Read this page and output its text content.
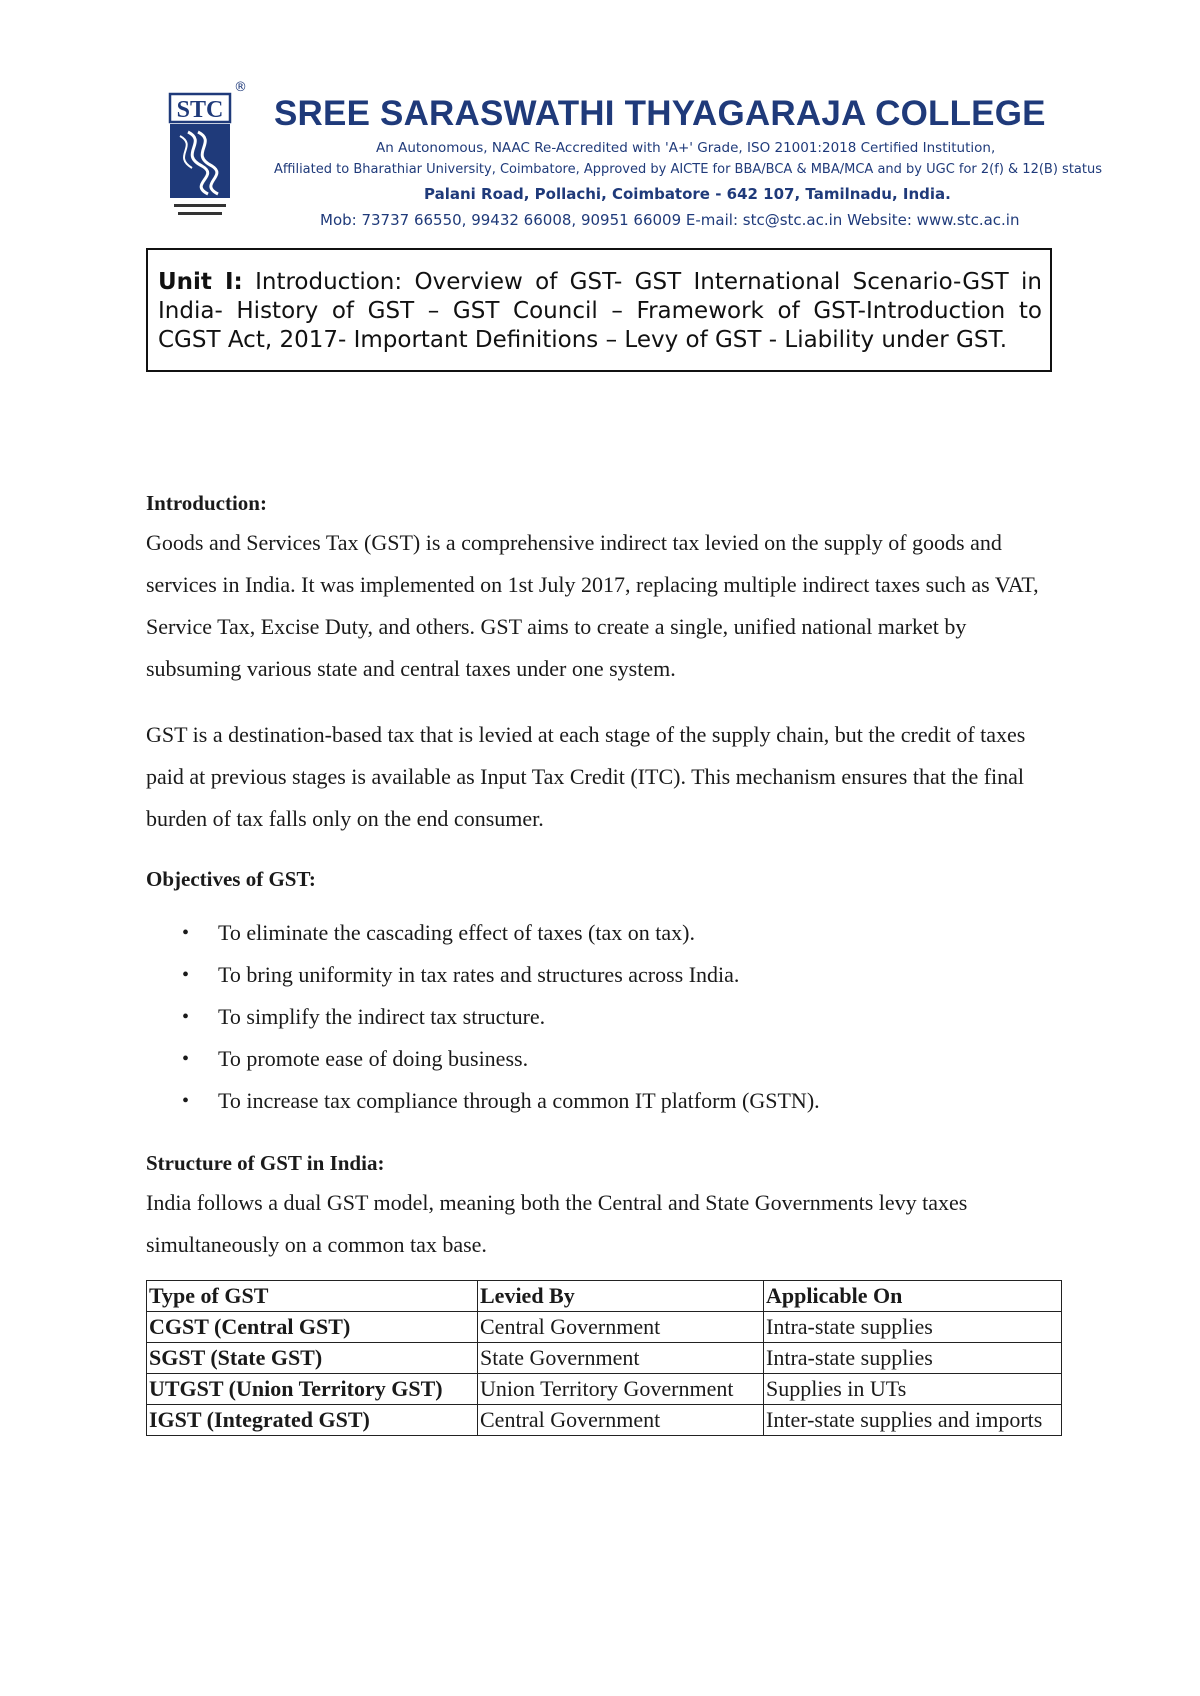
STC
®
SREE SARASWATHI THYAGARAJA COLLEGE
An Autonomous, NAAC Re-Accredited with 'A+' Grade, ISO 21001:2018 Certified Institution,
Affiliated to Bharathiar University, Coimbatore, Approved by AICTE for BBA/BCA & MBA/MCA and by UGC for 2(f) & 12(B) status
Palani Road, Pollachi, Coimbatore - 642 107, Tamilnadu, India.
Mob: 73737 66550, 99432 66008, 90951 66009 E-mail: stc@stc.ac.in Website: www.stc.ac.in
Unit I: Introduction: Overview of GST- GST International Scenario-GST in India- History of GST – GST Council – Framework of GST-Introduction to CGST Act, 2017- Important Definitions – Levy of GST - Liability under GST.
Introduction:

Goods and Services Tax (GST) is a comprehensive indirect tax levied on the supply of goods and services in India. It was implemented on 1st July 2017, replacing multiple indirect taxes such as VAT, Service Tax, Excise Duty, and others. GST aims to create a single, unified national market by subsuming various state and central taxes under one system.

GST is a destination-based tax that is levied at each stage of the supply chain, but the credit of taxes paid at previous stages is available as Input Tax Credit (ITC). This mechanism ensures that the final burden of tax falls only on the end consumer.

Objectives of GST:
• To eliminate the cascading effect of taxes (tax on tax).
• To bring uniformity in tax rates and structures across India.
• To simplify the indirect tax structure.
• To promote ease of doing business.
• To increase tax compliance through a common IT platform (GSTN).
Structure of GST in India:

India follows a dual GST model, meaning both the Central and State Governments levy taxes simultaneously on a common tax base.

Type of GST	Levied By	Applicable On
CGST (Central GST)	Central Government	Intra-state supplies
SGST (State GST)	State Government	Intra-state supplies
UTGST (Union Territory GST)	Union Territory Government	Supplies in UTs
IGST (Integrated GST)	Central Government	Inter-state supplies and imports
